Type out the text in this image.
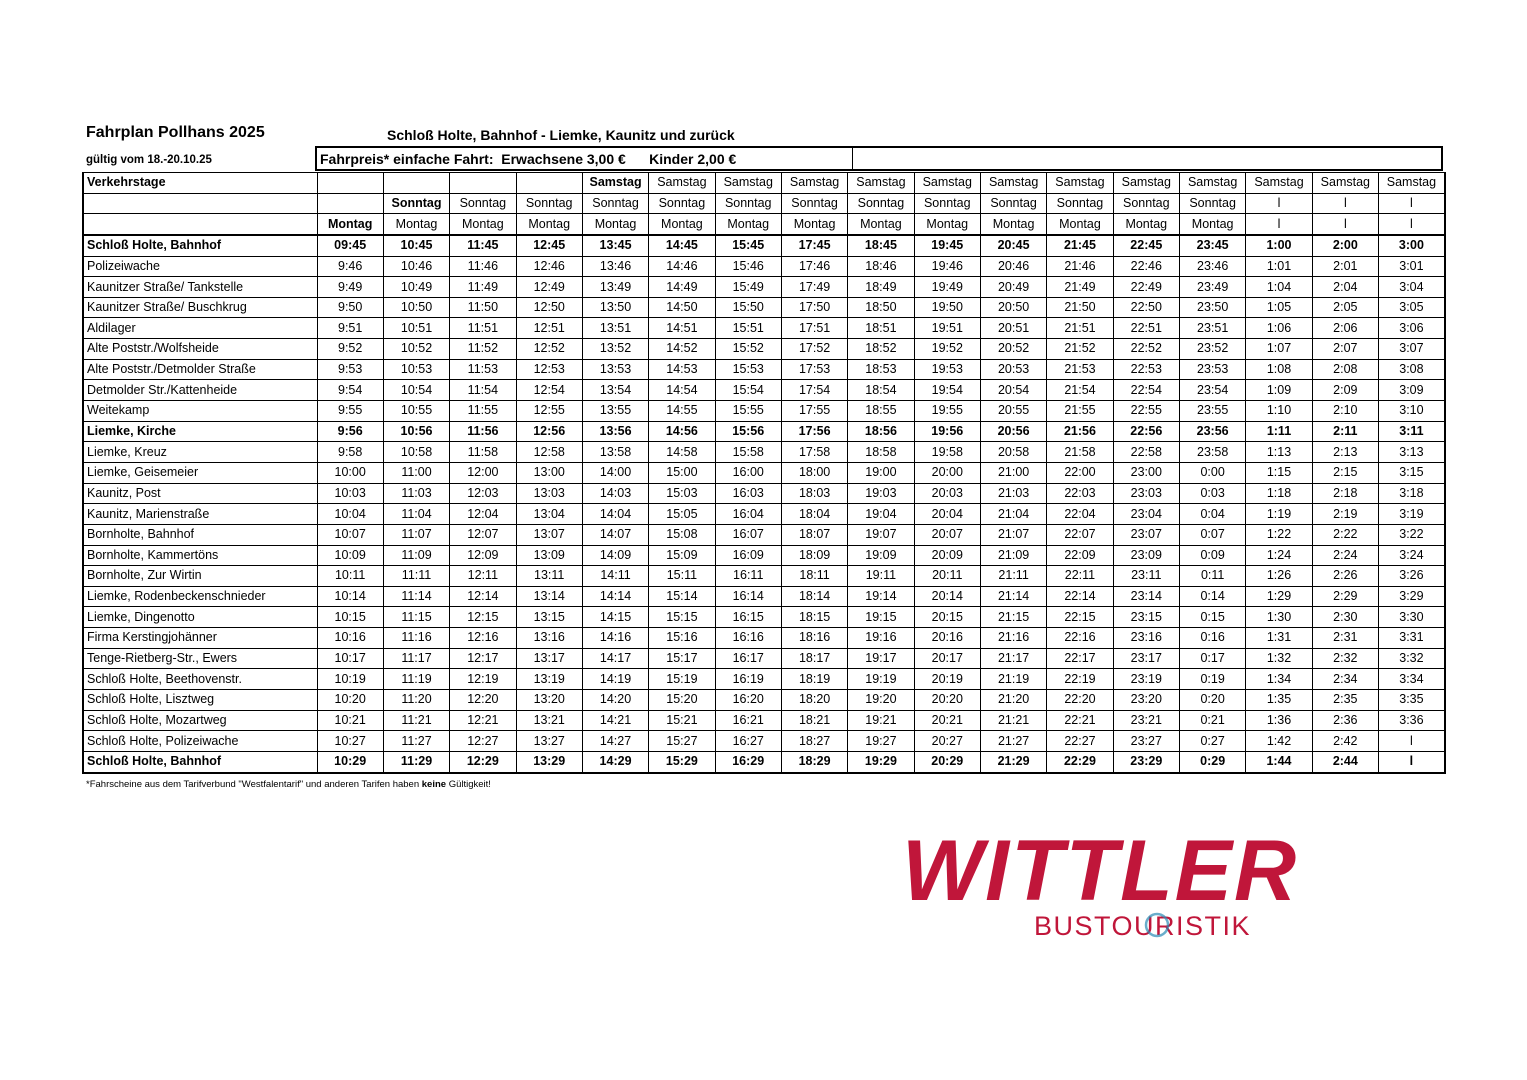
Fahrplan Pollhans 2025	Schloß Holte, Bahnhof - Liemke, Kaunitz und zurück
gültig vom 18.-20.10.25	Fahrpreis* einfache Fahrt:  Erwachsene 3,00 €      Kinder 2,00 €
Verkehrstage					Samstag	Samstag	Samstag	Samstag	Samstag	Samstag	Samstag	Samstag	Samstag	Samstag	Samstag	Samstag	Samstag
		Sonntag	Sonntag	Sonntag	Sonntag	Sonntag	Sonntag	Sonntag	Sonntag	Sonntag	Sonntag	Sonntag	Sonntag	Sonntag	l	l	l
	Montag	Montag	Montag	Montag	Montag	Montag	Montag	Montag	Montag	Montag	Montag	Montag	Montag	Montag	l	l	l
Schloß Holte, Bahnhof	09:45	10:45	11:45	12:45	13:45	14:45	15:45	17:45	18:45	19:45	20:45	21:45	22:45	23:45	1:00	2:00	3:00
Polizeiwache	9:46	10:46	11:46	12:46	13:46	14:46	15:46	17:46	18:46	19:46	20:46	21:46	22:46	23:46	1:01	2:01	3:01
Kaunitzer Straße/ Tankstelle	9:49	10:49	11:49	12:49	13:49	14:49	15:49	17:49	18:49	19:49	20:49	21:49	22:49	23:49	1:04	2:04	3:04
Kaunitzer Straße/ Buschkrug	9:50	10:50	11:50	12:50	13:50	14:50	15:50	17:50	18:50	19:50	20:50	21:50	22:50	23:50	1:05	2:05	3:05
Aldilager	9:51	10:51	11:51	12:51	13:51	14:51	15:51	17:51	18:51	19:51	20:51	21:51	22:51	23:51	1:06	2:06	3:06
Alte Poststr./Wolfsheide	9:52	10:52	11:52	12:52	13:52	14:52	15:52	17:52	18:52	19:52	20:52	21:52	22:52	23:52	1:07	2:07	3:07
Alte Poststr./Detmolder Straße	9:53	10:53	11:53	12:53	13:53	14:53	15:53	17:53	18:53	19:53	20:53	21:53	22:53	23:53	1:08	2:08	3:08
Detmolder Str./Kattenheide	9:54	10:54	11:54	12:54	13:54	14:54	15:54	17:54	18:54	19:54	20:54	21:54	22:54	23:54	1:09	2:09	3:09
Weitekamp	9:55	10:55	11:55	12:55	13:55	14:55	15:55	17:55	18:55	19:55	20:55	21:55	22:55	23:55	1:10	2:10	3:10
Liemke, Kirche	9:56	10:56	11:56	12:56	13:56	14:56	15:56	17:56	18:56	19:56	20:56	21:56	22:56	23:56	1:11	2:11	3:11
Liemke, Kreuz	9:58	10:58	11:58	12:58	13:58	14:58	15:58	17:58	18:58	19:58	20:58	21:58	22:58	23:58	1:13	2:13	3:13
Liemke, Geisemeier	10:00	11:00	12:00	13:00	14:00	15:00	16:00	18:00	19:00	20:00	21:00	22:00	23:00	0:00	1:15	2:15	3:15
Kaunitz, Post	10:03	11:03	12:03	13:03	14:03	15:03	16:03	18:03	19:03	20:03	21:03	22:03	23:03	0:03	1:18	2:18	3:18
Kaunitz, Marienstraße	10:04	11:04	12:04	13:04	14:04	15:05	16:04	18:04	19:04	20:04	21:04	22:04	23:04	0:04	1:19	2:19	3:19
Bornholte, Bahnhof	10:07	11:07	12:07	13:07	14:07	15:08	16:07	18:07	19:07	20:07	21:07	22:07	23:07	0:07	1:22	2:22	3:22
Bornholte, Kammertöns	10:09	11:09	12:09	13:09	14:09	15:09	16:09	18:09	19:09	20:09	21:09	22:09	23:09	0:09	1:24	2:24	3:24
Bornholte, Zur Wirtin	10:11	11:11	12:11	13:11	14:11	15:11	16:11	18:11	19:11	20:11	21:11	22:11	23:11	0:11	1:26	2:26	3:26
Liemke, Rodenbeckenschnieder	10:14	11:14	12:14	13:14	14:14	15:14	16:14	18:14	19:14	20:14	21:14	22:14	23:14	0:14	1:29	2:29	3:29
Liemke, Dingenotto	10:15	11:15	12:15	13:15	14:15	15:15	16:15	18:15	19:15	20:15	21:15	22:15	23:15	0:15	1:30	2:30	3:30
Firma Kerstingjohänner	10:16	11:16	12:16	13:16	14:16	15:16	16:16	18:16	19:16	20:16	21:16	22:16	23:16	0:16	1:31	2:31	3:31
Tenge-Rietberg-Str., Ewers	10:17	11:17	12:17	13:17	14:17	15:17	16:17	18:17	19:17	20:17	21:17	22:17	23:17	0:17	1:32	2:32	3:32
Schloß Holte, Beethovenstr.	10:19	11:19	12:19	13:19	14:19	15:19	16:19	18:19	19:19	20:19	21:19	22:19	23:19	0:19	1:34	2:34	3:34
Schloß Holte, Lisztweg	10:20	11:20	12:20	13:20	14:20	15:20	16:20	18:20	19:20	20:20	21:20	22:20	23:20	0:20	1:35	2:35	3:35
Schloß Holte, Mozartweg	10:21	11:21	12:21	13:21	14:21	15:21	16:21	18:21	19:21	20:21	21:21	22:21	23:21	0:21	1:36	2:36	3:36
Schloß Holte, Polizeiwache	10:27	11:27	12:27	13:27	14:27	15:27	16:27	18:27	19:27	20:27	21:27	22:27	23:27	0:27	1:42	2:42	l
Schloß Holte, Bahnhof	10:29	11:29	12:29	13:29	14:29	15:29	16:29	18:29	19:29	20:29	21:29	22:29	23:29	0:29	1:44	2:44	l
*Fahrscheine aus dem Tarifverbund "Westfalentarif" und anderen Tarifen haben keine Gültigkeit!
WITTLER
BUSTOURISTIK
